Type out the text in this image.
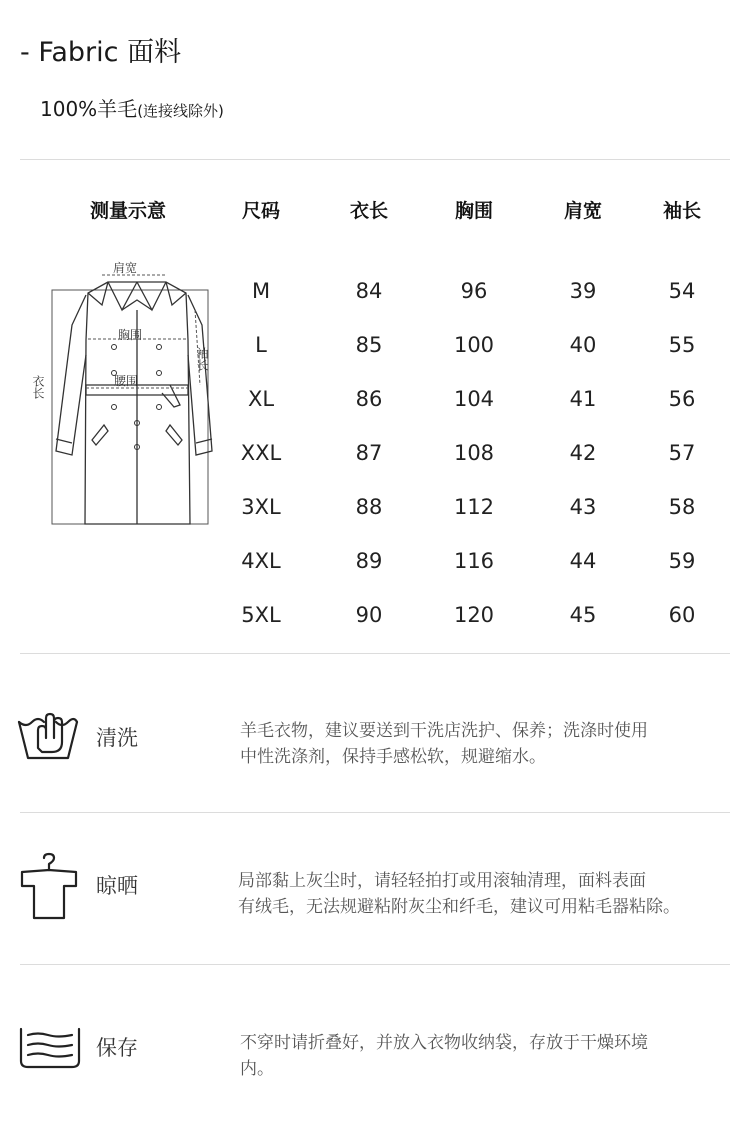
- Fabric 面料
100%羊毛(连接线除外)
测量示意	尺码	衣长	胸围	肩宽	袖长
M	84	96	39	54
L	85	100	40	55
XL	86	104	41	56
XXL	87	108	42	57
3XL	88	112	43	58
4XL	89	116	44	59
5XL	90	120	45	60
肩宽
胸围
腰围
衣长
袖长
清洗	羊毛衣物，建议要送到干洗店洗护、保养；洗涤时使用
中性洗涤剂，保持手感松软，规避缩水。
晾晒	局部黏上灰尘时，请轻轻拍打或用滚轴清理，面料表面
有绒毛，无法规避粘附灰尘和纤毛，建议可用粘毛器粘除。
保存	不穿时请折叠好，并放入衣物收纳袋，存放于干燥环境
内。
